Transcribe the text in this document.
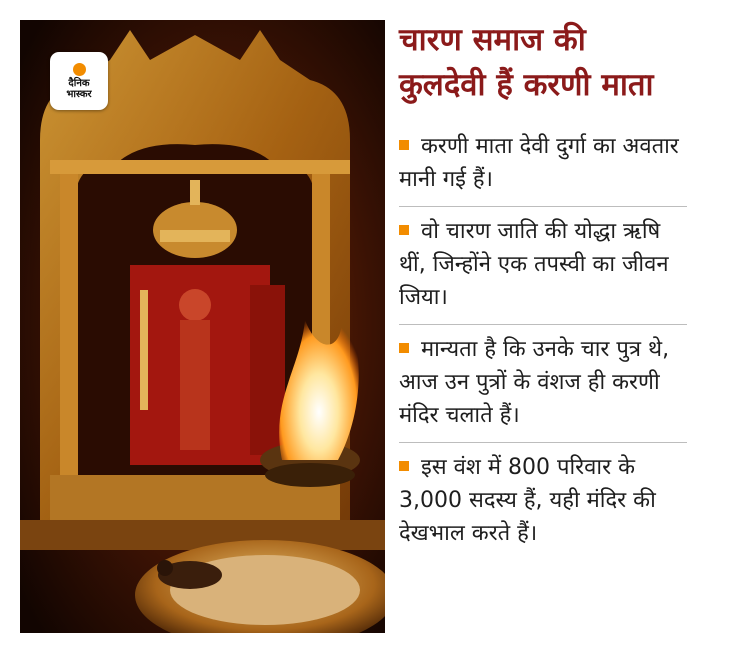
दैनिक
भास्कर
चारण समाज की
कुलदेवी हैं करणी माता
करणी माता देवी दुर्गा का अवतार मानी गई हैं।
वो चारण जाति की योद्धा ऋषि थीं, जिन्होंने एक तपस्वी का जीवन जिया।
मान्यता है कि उनके चार पुत्र थे, आज उन पुत्रों के वंशज ही करणी मंदिर चलाते हैं।
इस वंश में 800 परिवार के 3,000 सदस्य हैं, यही मंदिर की देखभाल करते हैं।
